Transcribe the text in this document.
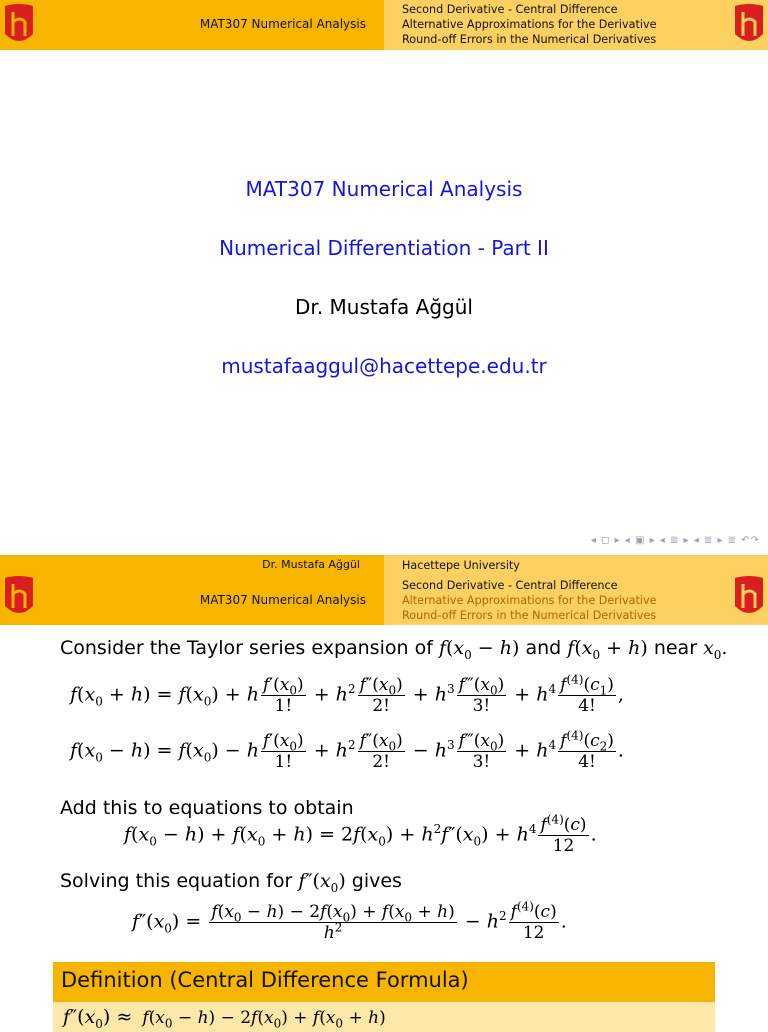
MAT307 Numerical Analysis
Second Derivative - Central Difference
Alternative Approximations for the Derivative
Round-off Errors in the Numerical Derivatives
MAT307 Numerical Analysis
Numerical Differentiation - Part II
Dr. Mustafa Ağgül
mustafaaggul@hacettepe.edu.tr
◂ ◻ ▸ ◂ ▣ ▸ ◂ ≣ ▸ ◂ ≣ ▸ ≣ ↶↷
Dr. Mustafa Ağgül	Hacettepe University
MAT307 Numerical Analysis
Second Derivative - Central Difference
Alternative Approximations for the Derivative
Round-off Errors in the Numerical Derivatives
Consider the Taylor series expansion of $f(x_0 - h)$ and $f(x_0 + h)$ near $x_0$.
$f(x_0 + h) = f(x_0) + h \frac{f'(x_0)}{1!} + h^2 \frac{f''(x_0)}{2!} + h^3 \frac{f‴(x_0)}{3!} + h^4 \frac{f^{(4)}(c_1)}{4!}$ ,
$f(x_0 - h) = f(x_0) - h \frac{f'(x_0)}{1!} + h^2 \frac{f''(x_0)}{2!} - h^3 \frac{f‴(x_0)}{3!} + h^4 \frac{f^{(4)}(c_2)}{4!}$ .
Add this to equations to obtain
$f(x_0 - h) + f(x_0 + h) = 2f(x_0) + h^2f''(x_0) + h^4 \frac{f^{(4)}(c)}{12}$ .
Solving this equation for $f''(x_0)$ gives
$f''(x_0) = \frac{f(x_0 - h) - 2f(x_0) + f(x_0 + h)}{h^2} - h^2 \frac{f^{(4)}(c)}{12}$ .
Definition (Central Difference Formula)
$f''(x_0) \approx f(x_0 - h) - 2f(x_0) + f(x_0 + h)$
